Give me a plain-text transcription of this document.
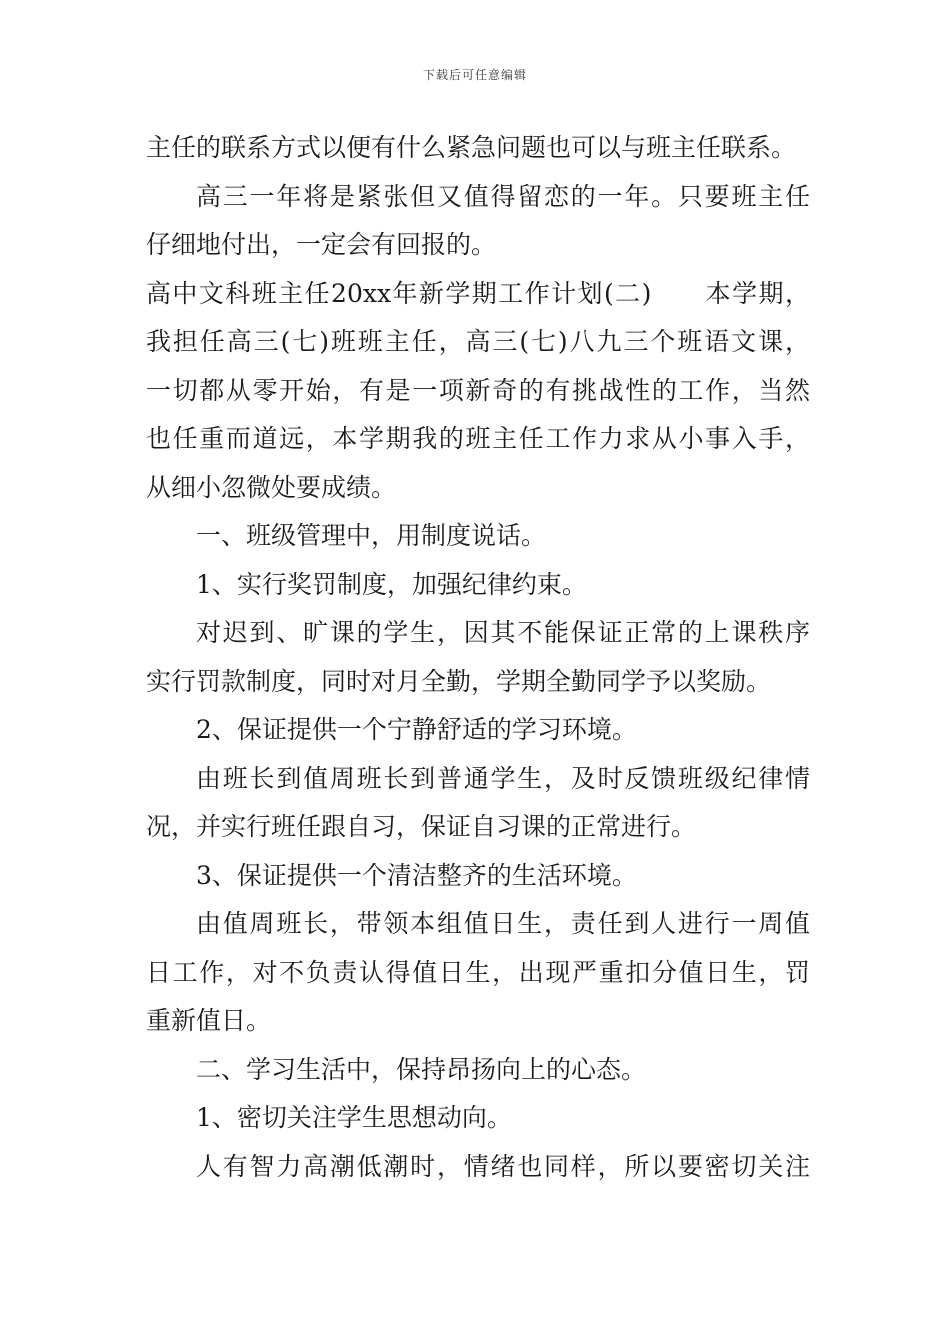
下载后可任意编辑
主任的联系方式以便有什么紧急问题也可以与班主任联系。
高三一年将是紧张但又值得留恋的一年。只要班主任
仔细地付出，一定会有回报的。
高中文科班主任20xx年新学期工作计划(二)　　本学期，
我担任高三(七)班班主任，高三(七)八九三个班语文课，
一切都从零开始，有是一项新奇的有挑战性的工作，当然
也任重而道远，本学期我的班主任工作力求从小事入手，
从细小忽微处要成绩。
一、班级管理中，用制度说话。
1、实行奖罚制度，加强纪律约束。
对迟到、旷课的学生，因其不能保证正常的上课秩序
实行罚款制度，同时对月全勤，学期全勤同学予以奖励。
2、保证提供一个宁静舒适的学习环境。
由班长到值周班长到普通学生，及时反馈班级纪律情
况，并实行班任跟自习，保证自习课的正常进行。
3、保证提供一个清洁整齐的生活环境。
由值周班长，带领本组值日生，责任到人进行一周值
日工作，对不负责认得值日生，出现严重扣分值日生，罚
重新值日。
二、学习生活中，保持昂扬向上的心态。
1、密切关注学生思想动向。
人有智力高潮低潮时，情绪也同样，所以要密切关注
